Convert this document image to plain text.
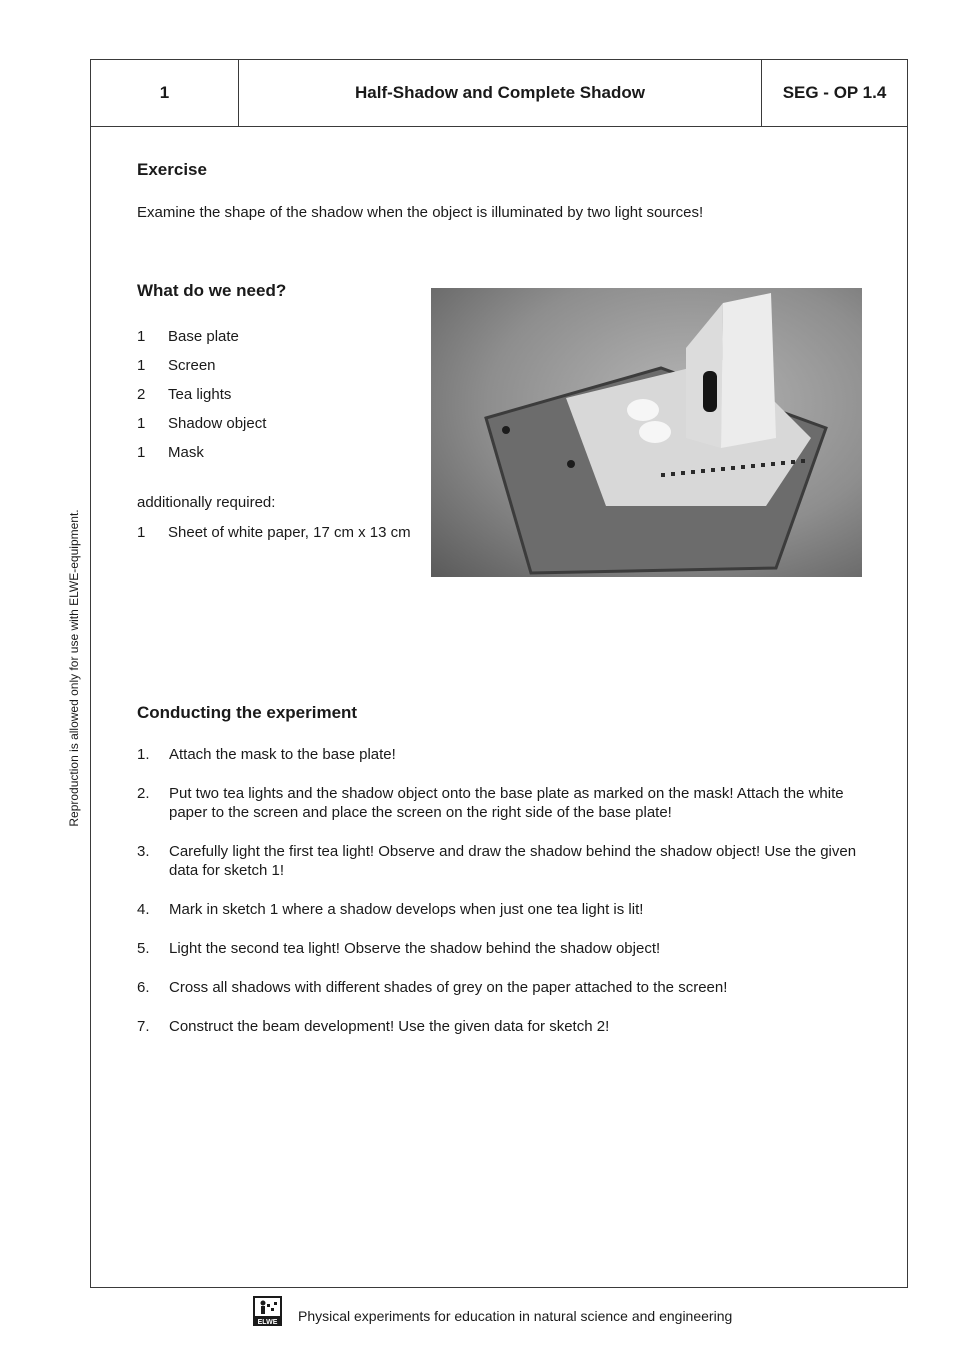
Reproduction is allowed only for use with ELWE-equipment.
1	Half-Shadow and Complete Shadow	SEG - OP 1.4
Exercise
Examine the shape of the shadow when the object is illuminated by two light sources!
What do we need?
1	Base plate
1	Screen
2	Tea lights
1	Shadow object
1	Mask
additionally required:
1	Sheet of white paper, 17 cm x 13 cm
Conducting the experiment
1.	Attach the mask to the base plate!
2.	Put two tea lights and the shadow object onto the base plate as marked on the mask! Attach the white paper to the screen and place the screen on the right side of the base plate!
3.	Carefully light the first tea light! Observe and draw the shadow behind the shadow object! Use the given data for sketch 1!
4.	Mark in sketch 1 where a shadow develops when just one tea light is lit!
5.	Light the second tea light! Observe the shadow behind the shadow object!
6.	Cross all shadows with different shades of grey on the paper attached to the screen!
7.	Construct the beam development! Use the given data for sketch 2!
ELWE Physical experiments for education in natural science and engineering
